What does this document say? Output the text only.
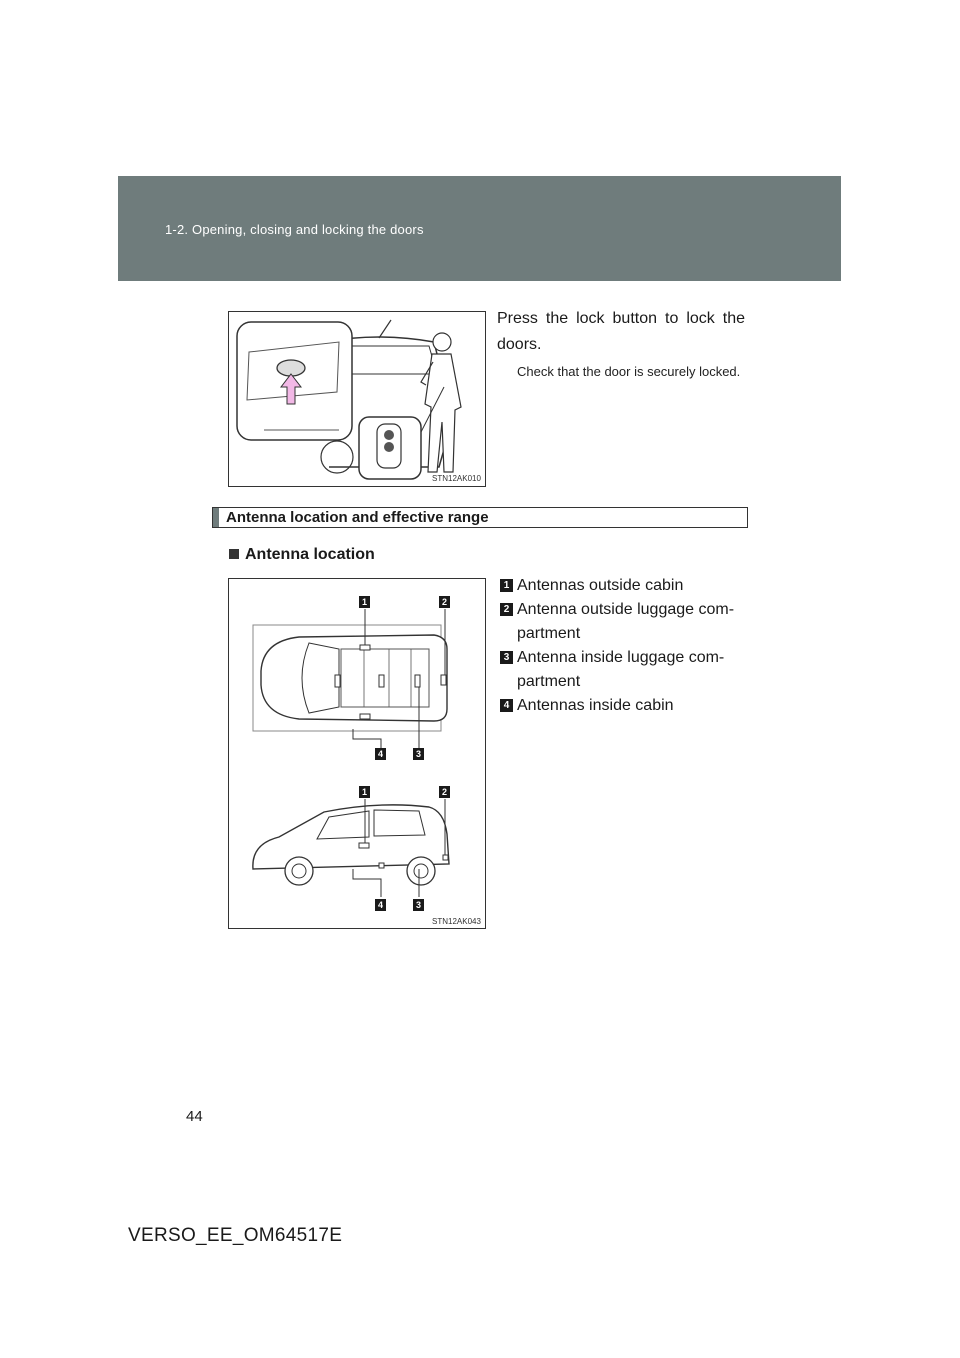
1-2. Opening, closing and locking the doors
STN12AK010
Press the lock button to lock the doors.
Check that the door is securely locked.
Antenna location and effective range
Antenna location
1	2
4	3
1	2
4	3
STN12AK043
1 Antennas outside cabin
2 Antenna outside luggage com-partment
3 Antenna inside luggage com-partment
4 Antennas inside cabin
44
VERSO_EE_OM64517E
